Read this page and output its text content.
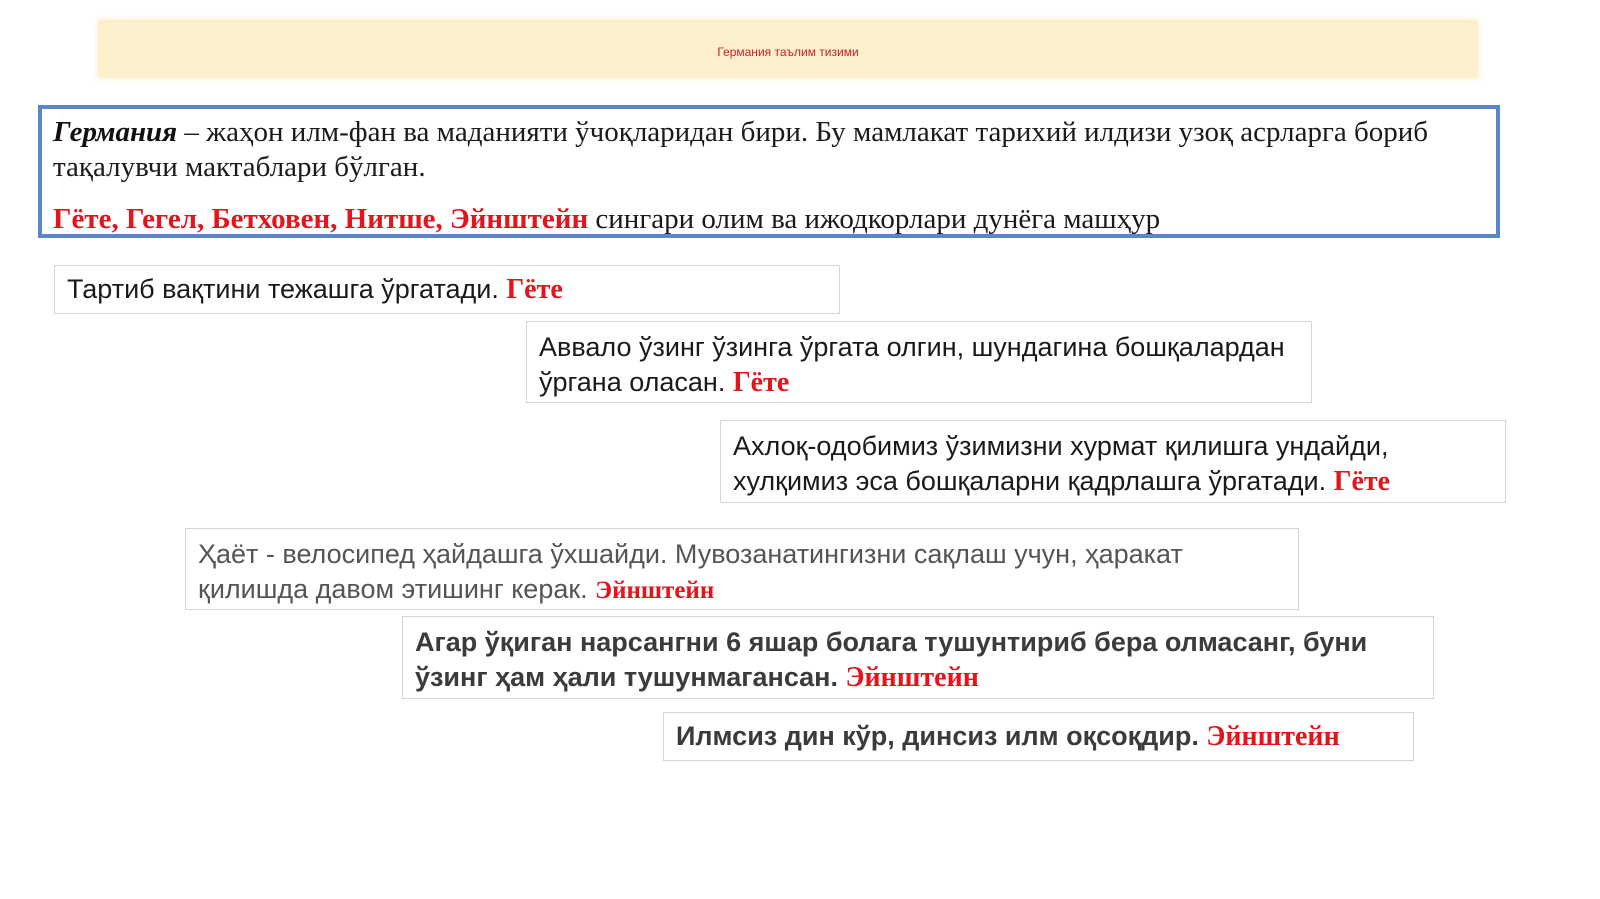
Германия таълим тизими

Германия – жаҳон илм-фан ва маданияти ўчоқларидан бири. Бу мамлакат тарихий илдизи узоқ асрларга бориб тақалувчи мактаблари бўлган.

Гёте, Гегел, Бетховен, Нитше, Эйнштейн сингари олим ва ижодкорлари дунёга машҳур

Тартиб вақтини тежашга ўргатади. Гёте
Аввало ўзинг ўзинга ўргата олгин, шундагина бошқалардан ўргана оласан. Гёте
Ахлоқ-одобимиз ўзимизни хурмат қилишга ундайди, хулқимиз эса бошқаларни қадрлашга ўргатади. Гёте
Ҳаёт - велосипед ҳайдашга ўхшайди. Мувозанатингизни сақлаш учун, ҳаракат қилишда давом этишинг керак. Эйнштейн
Агар ўқиган нарсангни 6 яшар болага тушунтириб бера олмасанг, буни ўзинг ҳам ҳали тушунмагансан. Эйнштейн
Илмсиз дин кўр, динсиз илм оқсоқдир. Эйнштейн
